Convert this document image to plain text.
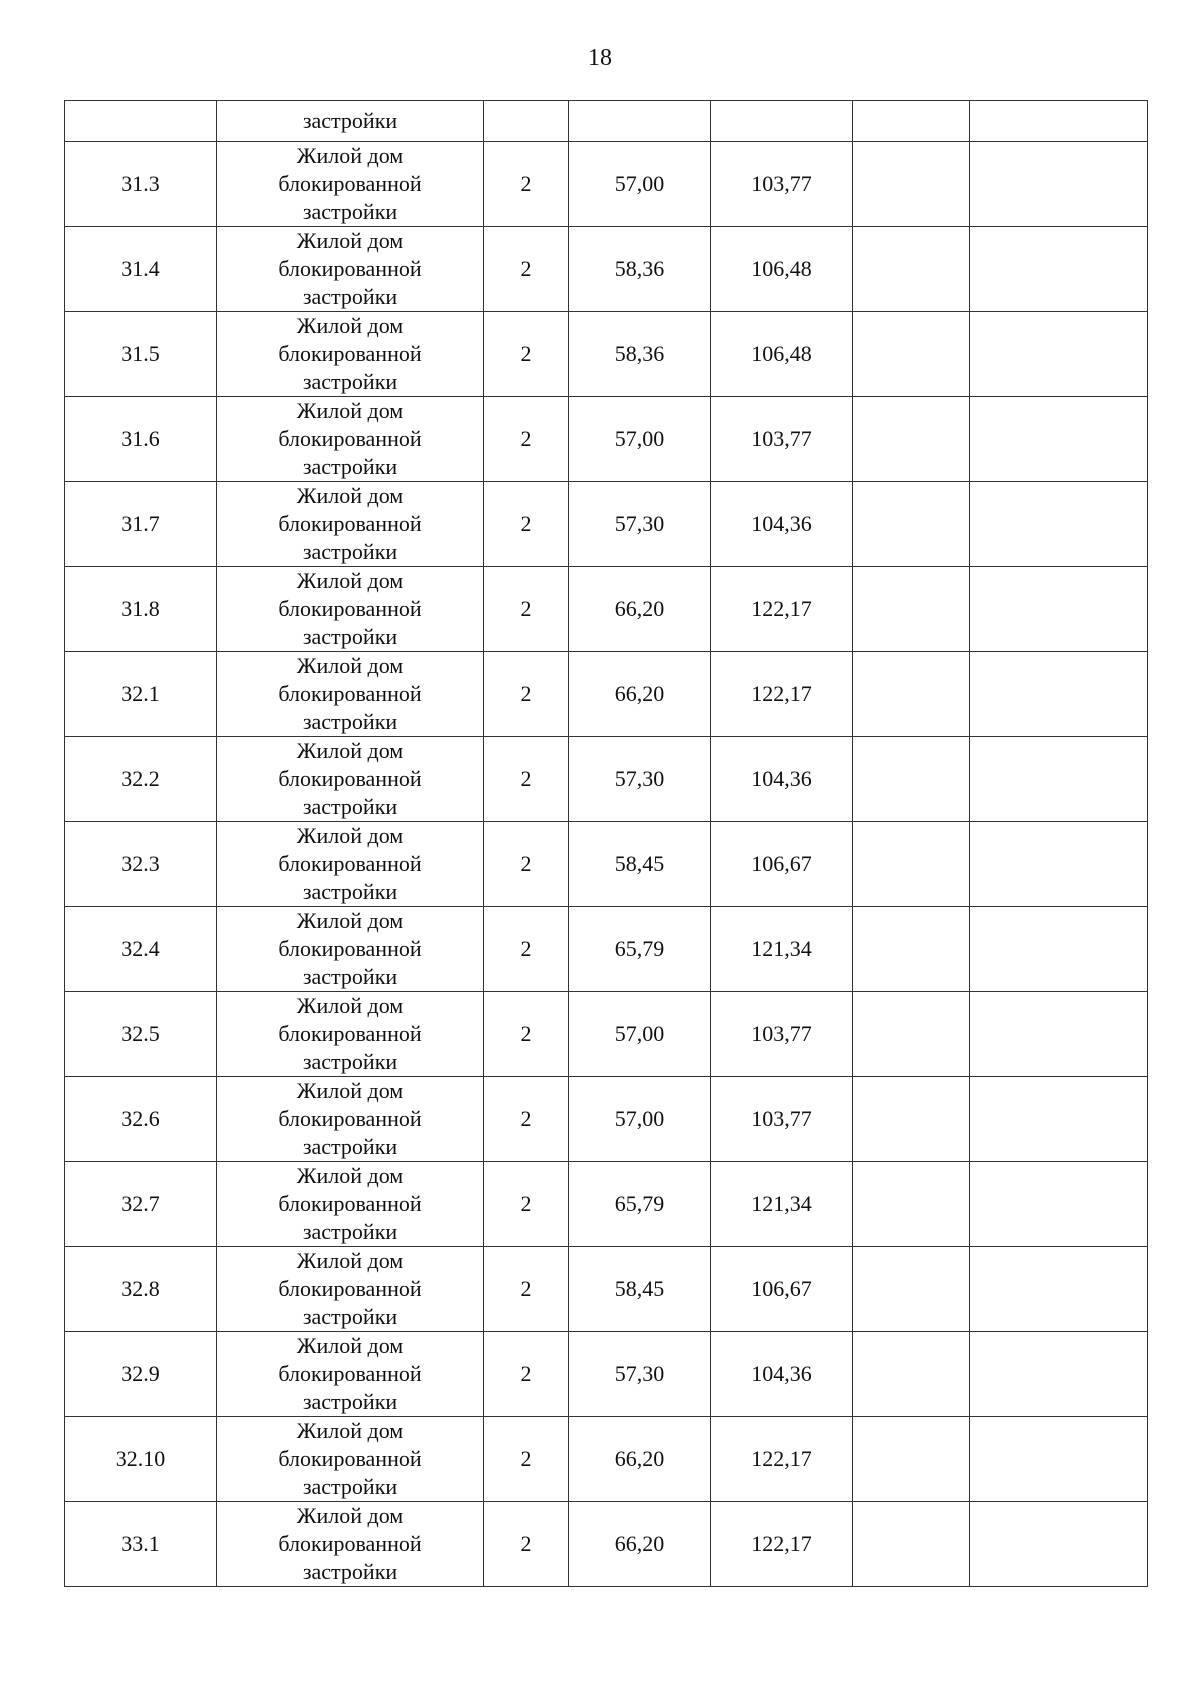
18
	застройки					
31.3	Жилой дом
блокированной
застройки	2	57,00	103,77		
31.4	Жилой дом
блокированной
застройки	2	58,36	106,48		
31.5	Жилой дом
блокированной
застройки	2	58,36	106,48		
31.6	Жилой дом
блокированной
застройки	2	57,00	103,77		
31.7	Жилой дом
блокированной
застройки	2	57,30	104,36		
31.8	Жилой дом
блокированной
застройки	2	66,20	122,17		
32.1	Жилой дом
блокированной
застройки	2	66,20	122,17		
32.2	Жилой дом
блокированной
застройки	2	57,30	104,36		
32.3	Жилой дом
блокированной
застройки	2	58,45	106,67		
32.4	Жилой дом
блокированной
застройки	2	65,79	121,34		
32.5	Жилой дом
блокированной
застройки	2	57,00	103,77		
32.6	Жилой дом
блокированной
застройки	2	57,00	103,77		
32.7	Жилой дом
блокированной
застройки	2	65,79	121,34		
32.8	Жилой дом
блокированной
застройки	2	58,45	106,67		
32.9	Жилой дом
блокированной
застройки	2	57,30	104,36		
32.10	Жилой дом
блокированной
застройки	2	66,20	122,17		
33.1	Жилой дом
блокированной
застройки	2	66,20	122,17		
